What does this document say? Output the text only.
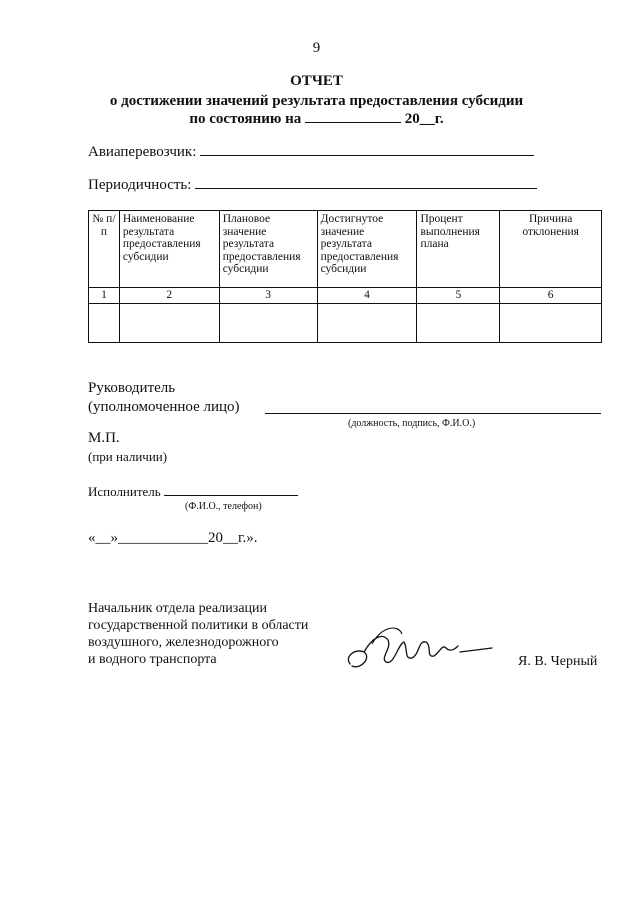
9
ОТЧЕТ
о достижении значений результата предоставления субсидии
по состоянию на	20__г.
Авиаперевозчик:
Периодичность:
№ п/п	Наименование результата предоставления субсидии	Плановое значение результата предоставления субсидии	Достигнутое значение результата предоставления субсидии	Процент выполнения плана	Причина отклонения
1	2	3	4	5	6

Руководитель
(уполномоченное лицо)
(должность, подпись, Ф.И.О.)
М.П.
(при наличии)
Исполнитель
(Ф.И.О., телефон)
«__»____________20__г.».
Начальник отдела реализации
государственной политики в области
воздушного, железнодорожного
и водного транспорта	Я. В. Черный
